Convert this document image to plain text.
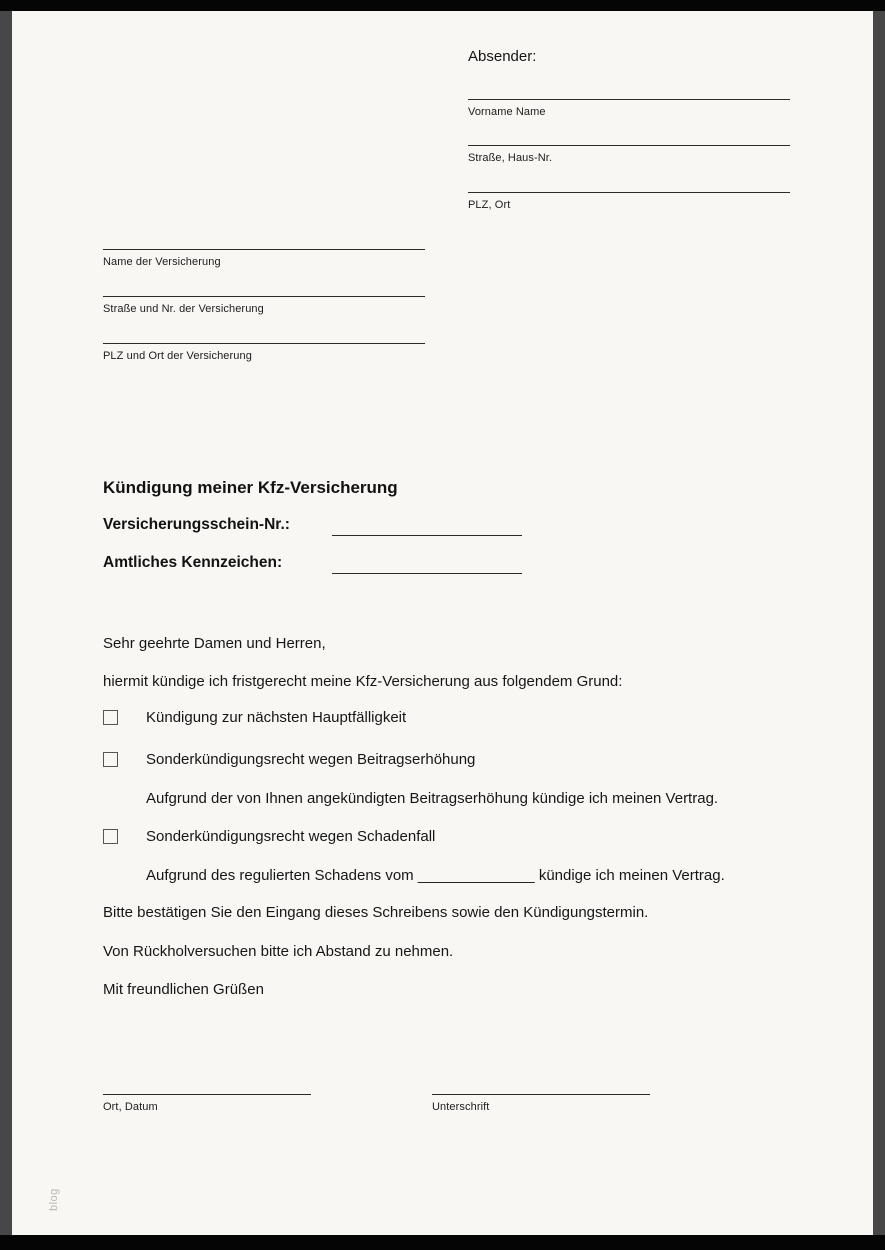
Absender:
Vorname Name
Straße, Haus-Nr.
PLZ, Ort
Name der Versicherung
Straße und Nr. der Versicherung
PLZ und Ort der Versicherung
Kündigung meiner Kfz-Versicherung
Versicherungsschein-Nr.:
Amtliches Kennzeichen:
Sehr geehrte Damen und Herren,
hiermit kündige ich fristgerecht meine Kfz-Versicherung aus folgendem Grund:
Kündigung zur nächsten Hauptfälligkeit
Sonderkündigungsrecht wegen Beitragserhöhung
Aufgrund der von Ihnen angekündigten Beitragserhöhung kündige ich meinen Vertrag.
Sonderkündigungsrecht wegen Schadenfall
Aufgrund des regulierten Schadens vom ______________ kündige ich meinen Vertrag.
Bitte bestätigen Sie den Eingang dieses Schreibens sowie den Kündigungstermin.
Von Rückholversuchen bitte ich Abstand zu nehmen.
Mit freundlichen Grüßen
Ort, Datum	Unterschrift
blog
